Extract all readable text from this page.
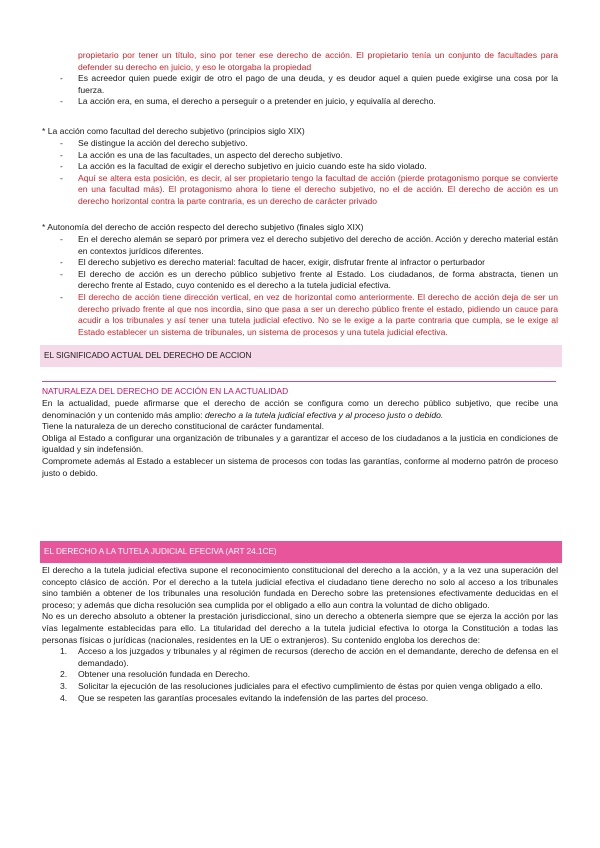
propietario por tener un título, sino por tener ese derecho de acción. El propietario tenía un conjunto de facultades para defender su derecho en juicio, y eso le otorgaba la propiedad
- Es acreedor quien puede exigir de otro el pago de una deuda, y es deudor aquel a quien puede exigirse una cosa por la fuerza.
- La acción era, en suma, el derecho a perseguir o a pretender en juicio, y equivalía al derecho.
* La acción como facultad del derecho subjetivo (principios siglo XIX)
- Se distingue la acción del derecho subjetivo.
- La acción es una de las facultades, un aspecto del derecho subjetivo.
- La acción es la facultad de exigir el derecho subjetivo en juicio cuando este ha sido violado.
- Aquí se altera esta posición, es decir, al ser propietario tengo la facultad de acción (pierde protagonismo porque se convierte en una facultad más). El protagonismo ahora lo tiene el derecho subjetivo, no el de acción. El derecho de acción es un derecho horizontal contra la parte contraria, es un derecho de carácter privado
* Autonomía del derecho de acción respecto del derecho subjetivo (finales siglo XIX)
- En el derecho alemán se separó por primera vez el derecho subjetivo del derecho de acción. Acción y derecho material están en contextos jurídicos diferentes.
- El derecho subjetivo es derecho material: facultad de hacer, exigir, disfrutar frente al infractor o perturbador
- El derecho de acción es un derecho público subjetivo frente al Estado. Los ciudadanos, de forma abstracta, tienen un derecho frente al Estado, cuyo contenido es el derecho a la tutela judicial efectiva.
- El derecho de acción tiene dirección vertical, en vez de horizontal como anteriormente. El derecho de acción deja de ser un derecho privado frente al que nos incordia, sino que pasa a ser un derecho público frente el estado, pidiendo un cauce para acudir a los tribunales y así tener una tutela judicial efectivo. No se le exige a la parte contraria que cumpla, se le exige al Estado establecer un sistema de tribunales, un sistema de procesos y una tutela judicial efectiva.
EL SIGNIFICADO ACTUAL DEL DERECHO DE ACCION
NATURALEZA DEL DERECHO DE ACCIÓN EN LA ACTUALIDAD
En la actualidad, puede afirmarse que el derecho de acción se configura como un derecho público subjetivo, que recibe una denominación y un contenido más amplio: derecho a la tutela judicial efectiva y al proceso justo o debido.
Tiene la naturaleza de un derecho constitucional de carácter fundamental.
Obliga al Estado a configurar una organización de tribunales y a garantizar el acceso de los ciudadanos a la justicia en condiciones de igualdad y sin indefensión.
Compromete además al Estado a establecer un sistema de procesos con todas las garantías, conforme al moderno patrón de proceso justo o debido.
EL DERECHO A LA TUTELA JUDICIAL EFECIVA (ART 24.1CE)
El derecho a la tutela judicial efectiva supone el reconocimiento constitucional del derecho a la acción, y a la vez una superación del concepto clásico de acción. Por el derecho a la tutela judicial efectiva el ciudadano tiene derecho no solo al acceso a los tribunales sino también a obtener de los tribunales una resolución fundada en Derecho sobre las pretensiones efectivamente deducidas en el proceso; y además que dicha resolución sea cumplida por el obligado a ello aun contra la voluntad de dicho obligado.
No es un derecho absoluto a obtener la prestación jurisdiccional, sino un derecho a obtenerla siempre que se ejerza la acción por las vías legalmente establecidas para ello. La titularidad del derecho a la tutela judicial efectiva lo otorga la Constitución a todas las personas físicas o jurídicas (nacionales, residentes en la UE o extranjeros). Su contenido engloba los derechos de:
1. Acceso a los juzgados y tribunales y al régimen de recursos (derecho de acción en el demandante, derecho de defensa en el demandado).
2. Obtener una resolución fundada en Derecho.
3. Solicitar la ejecución de las resoluciones judiciales para el efectivo cumplimiento de éstas por quien venga obligado a ello.
4. Que se respeten las garantías procesales evitando la indefensión de las partes del proceso.
